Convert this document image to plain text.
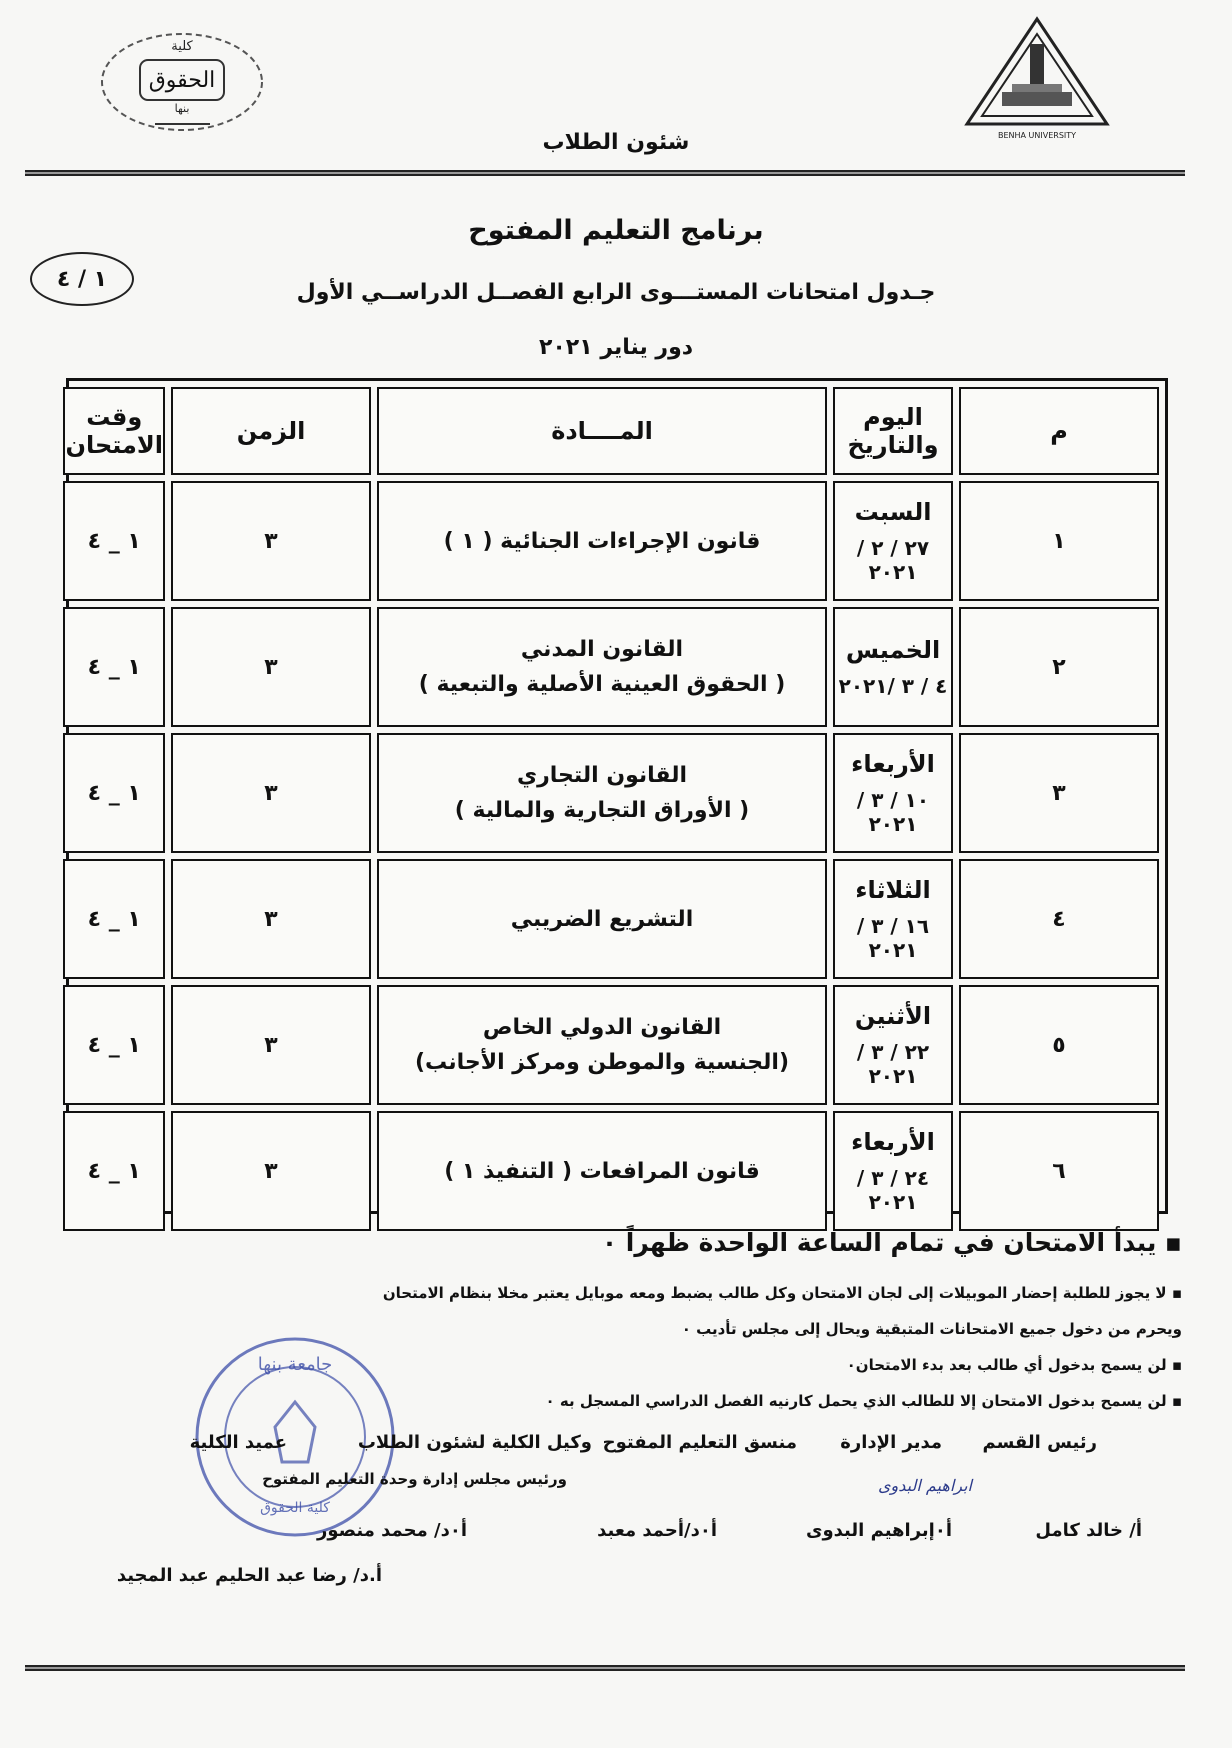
BENHA UNIVERSITY
كلية
الحقوق
بنها
شئون الطلاب
١ / ٤
برنامج التعليم المفتوح
جـدول امتحانات المستـــوى الرابع الفصــل الدراســي الأول
دور يناير ٢٠٢١
م
اليوم والتاريخ
المــــادة
الزمن
وقت الامتحان
١
السبت
٢٧ / ٢ /٢٠٢١
قانون الإجراءات الجنائية ( ١ )
٣
١ _ ٤
٢
الخميس
٤ / ٣ /٢٠٢١
القانون المدني
( الحقوق العينية الأصلية والتبعية )
٣
١ _ ٤
٣
الأربعاء
١٠ / ٣ /٢٠٢١
القانون التجاري
( الأوراق التجارية والمالية )
٣
١ _ ٤
٤
الثلاثاء
١٦ / ٣ /٢٠٢١
التشريع الضريبي
٣
١ _ ٤
٥
الأثنين
٢٢ / ٣ /٢٠٢١
القانون الدولي الخاص
(الجنسية والموطن ومركز الأجانب)
٣
١ _ ٤
٦
الأربعاء
٢٤ / ٣ /٢٠٢١
قانون المرافعات ( التنفيذ ١ )
٣
١ _ ٤
▪ يبدأ الامتحان في تمام الساعة الواحدة ظهراً ٠
▪ لا يجوز للطلبة إحضار الموبيلات إلى لجان الامتحان وكل طالب يضبط ومعه موبايل يعتبر مخلا بنظام الامتحان
ويحرم من دخول جميع الامتحانات المتبقية ويحال إلى مجلس تأديب ٠
▪ لن يسمح بدخول أي طالب بعد بدء الامتحان٠
▪ لن يسمح بدخول الامتحان إلا للطالب الذي يحمل كارنيه الفصل الدراسي المسجل به ٠
جامعة بنها
كلية الحقوق
رئيس القسم
مدير الإدارة
منسق التعليم المفتوح
وكيل الكلية لشئون الطلاب
عميد الكلية
ورئيس مجلس إدارة وحدة التعليم المفتوح	ابراهيم البدوى
أ/ خالد كامل
أ٠إبراهيم البدوى
أ٠د/أحمد معبد
أ٠د/ محمد منصور
أ.د/ رضا عبد الحليم عبد المجيد
